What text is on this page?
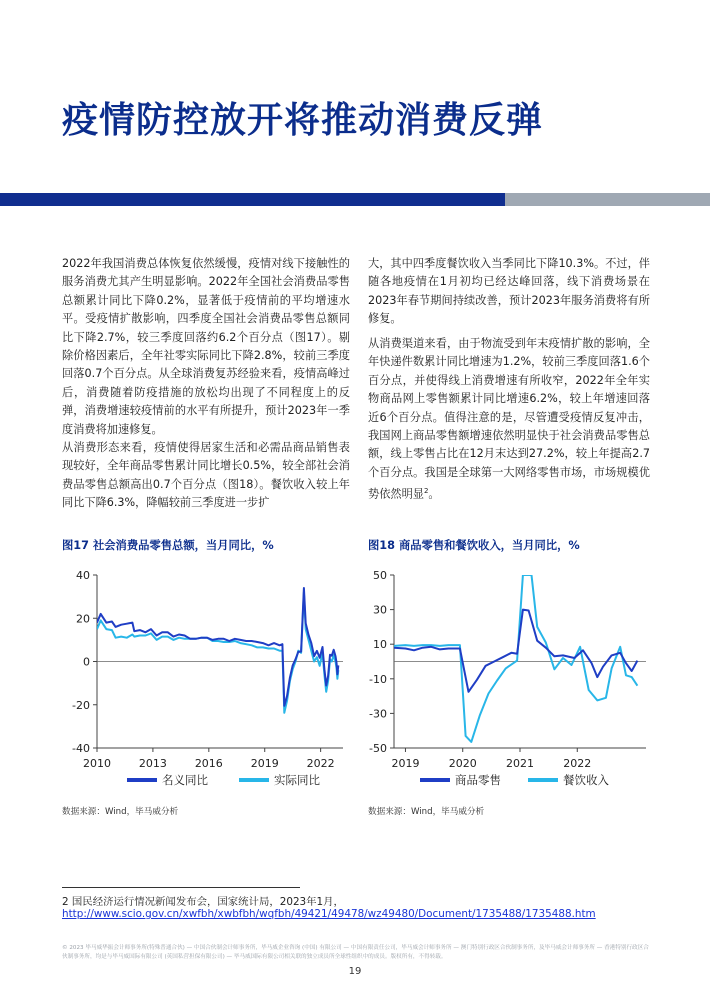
疫情防控放开将推动消费反弹

2022年我国消费总体恢复依然缓慢，疫情对线下接触性的服务消费尤其产生明显影响。2022年全国社会消费品零售总额累计同比下降0.2%，显著低于疫情前的平均增速水平。受疫情扩散影响，四季度全国社会消费品零售总额同比下降2.7%，较三季度回落约6.2个百分点（图17）。剔除价格因素后，全年社零实际同比下降2.8%，较前三季度回落0.7个百分点。从全球消费复苏经验来看，疫情高峰过后，消费随着防疫措施的放松均出现了不同程度上的反弹，消费增速较疫情前的水平有所提升，预计2023年一季度消费将加速修复。

从消费形态来看，疫情使得居家生活和必需品商品销售表现较好，全年商品零售累计同比增长0.5%，较全部社会消费品零售总额高出0.7个百分点（图18）。餐饮收入较上年同比下降6.3%，降幅较前三季度进一步扩

大，其中四季度餐饮收入当季同比下降10.3%。不过，伴随各地疫情在1月初均已经达峰回落，线下消费场景在2023年春节期间持续改善，预计2023年服务消费将有所修复。

从消费渠道来看，由于物流受到年末疫情扩散的影响，全年快递件数累计同比增速为1.2%，较前三季度回落1.6个百分点，并使得线上消费增速有所收窄，2022年全年实物商品网上零售额累计同比增速6.2%，较上年增速回落近6个百分点。值得注意的是，尽管遭受疫情反复冲击，我国网上商品零售额增速依然明显快于社会消费品零售总额，线上零售占比在12月末达到27.2%，较上年提高2.7个百分点。我国是全球第一大网络零售市场，市场规模优势依然明显$^2$。

图17 社会消费品零售总额，当月同比，%
40
20
0
-20
-40
2010	2013	2016	2019	2022
名义同比	实际同比
数据来源：Wind，毕马威分析
图18 商品零售和餐饮收入，当月同比，%
50
30
10
-10
-30
-50
2019	2020	2021	2022
商品零售	餐饮收入
数据来源：Wind，毕马威分析
2 国民经济运行情况新闻发布会，国家统计局，2023年1月，
http://www.scio.gov.cn/xwfbh/xwbfbh/wqfbh/49421/49478/wz49480/Document/1735488/1735488.htm

© 2023 毕马威华振会计师事务所(特殊普通合伙) — 中国合伙制会计师事务所，毕马威企业咨询 (中国) 有限公司 — 中国有限责任公司，毕马威会计师事务所 — 澳门特别行政区合伙制事务所，及毕马威会计师事务所 — 香港特别行政区合伙制事务所，均是与毕马威国际有限公司 (英国私营担保有限公司) — 毕马威国际有限公司相关联的独立成员所全球性组织中的成员。版权所有，不得转载。

19
